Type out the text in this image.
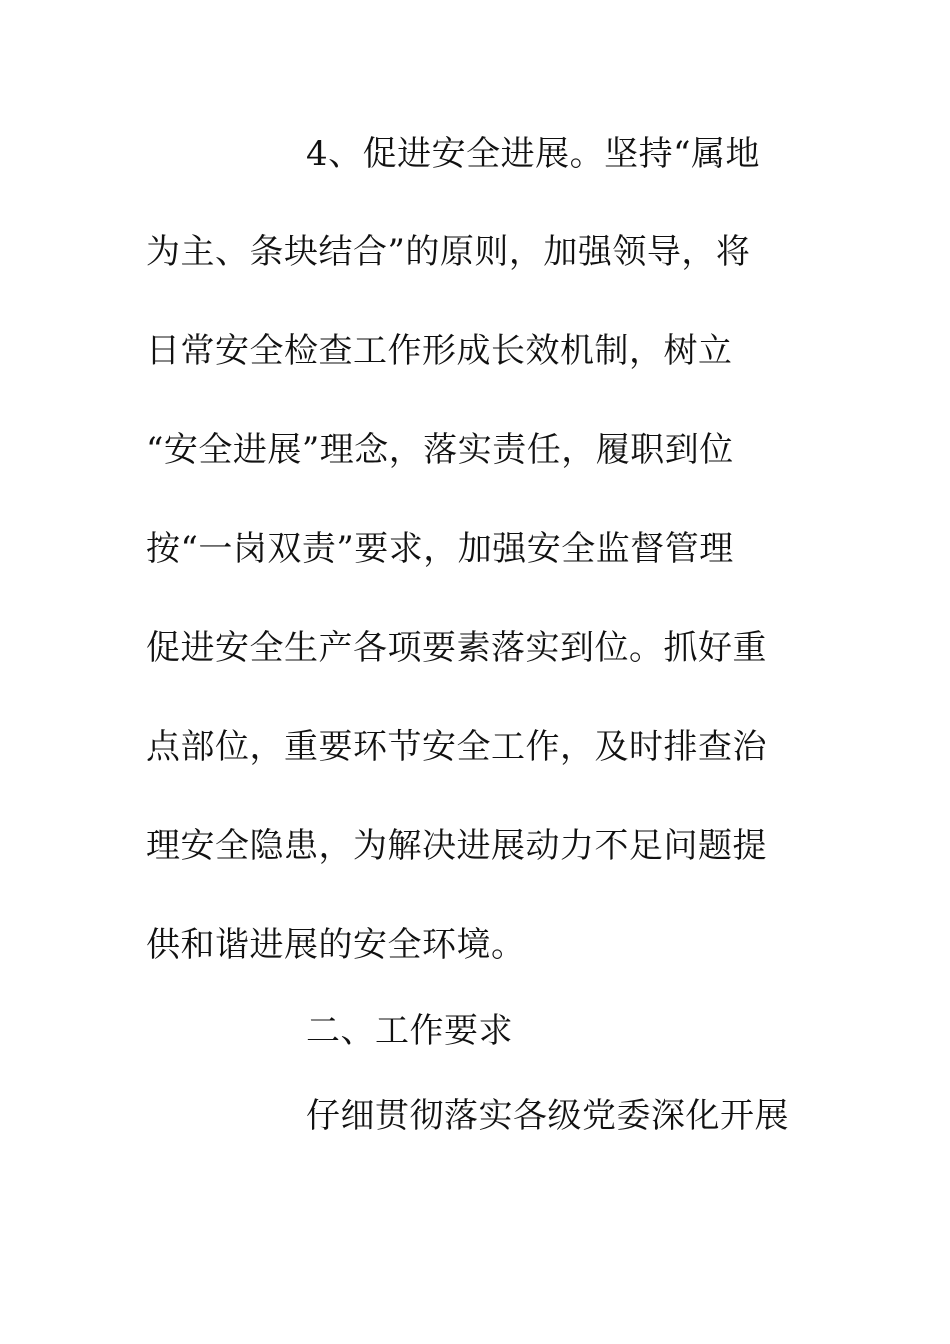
4、促进安全进展。坚持“属地
为主、条块结合”的原则，加强领导，将
日常安全检查工作形成长效机制，树立
“安全进展”理念，落实责任，履职到位
按“一岗双责”要求，加强安全监督管理
促进安全生产各项要素落实到位。抓好重
点部位，重要环节安全工作，及时排查治
理安全隐患，为解决进展动力不足问题提
供和谐进展的安全环境。
二、工作要求
仔细贯彻落实各级党委深化开展
